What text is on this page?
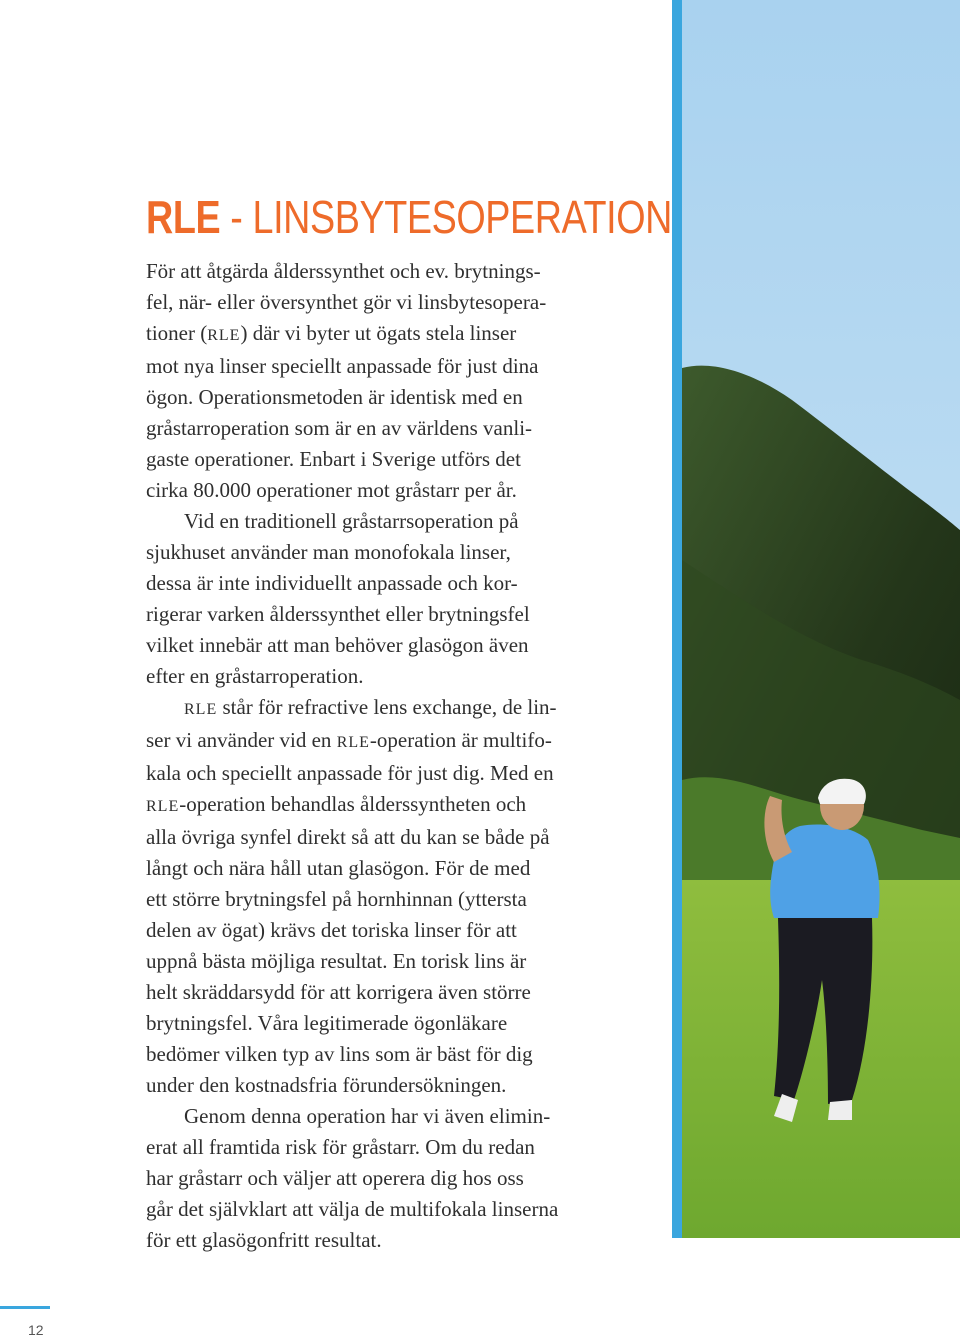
RLE - LINSBYTESOPERATION
För att åtgärda ålderssynthet och ev. brytnings-
fel, när- eller översynthet gör vi linsbytesopera-
tioner (RLE) där vi byter ut ögats stela linser
mot nya linser speciellt anpassade för just dina
ögon. Operationsmetoden är identisk med en
gråstarroperation som är en av världens vanli-
gaste operationer. Enbart i Sverige utförs det
cirka 80.000 operationer mot gråstarr per år.
Vid en traditionell gråstarrsoperation på
sjukhuset använder man monofokala linser,
dessa är inte individuellt anpassade och kor-
rigerar varken ålderssynthet eller brytningsfel
vilket innebär att man behöver glasögon även
efter en gråstarroperation.
RLE står för refractive lens exchange, de lin-
ser vi använder vid en RLE-operation är multifo-
kala och speciellt anpassade för just dig. Med en
RLE-operation behandlas ålderssyntheten och
alla övriga synfel direkt så att du kan se både på
långt och nära håll utan glasögon. För de med
ett större brytningsfel på hornhinnan (yttersta
delen av ögat) krävs det toriska linser för att
uppnå bästa möjliga resultat. En torisk lins är
helt skräddarsydd för att korrigera även större
brytningsfel. Våra legitimerade ögonläkare
bedömer vilken typ av lins som är bäst för dig
under den kostnadsfria förundersökningen.
Genom denna operation har vi även elimin-
erat all framtida risk för gråstarr. Om du redan
har gråstarr och väljer att operera dig hos oss
går det självklart att välja de multifokala linserna
för ett glasögonfritt resultat.
12
